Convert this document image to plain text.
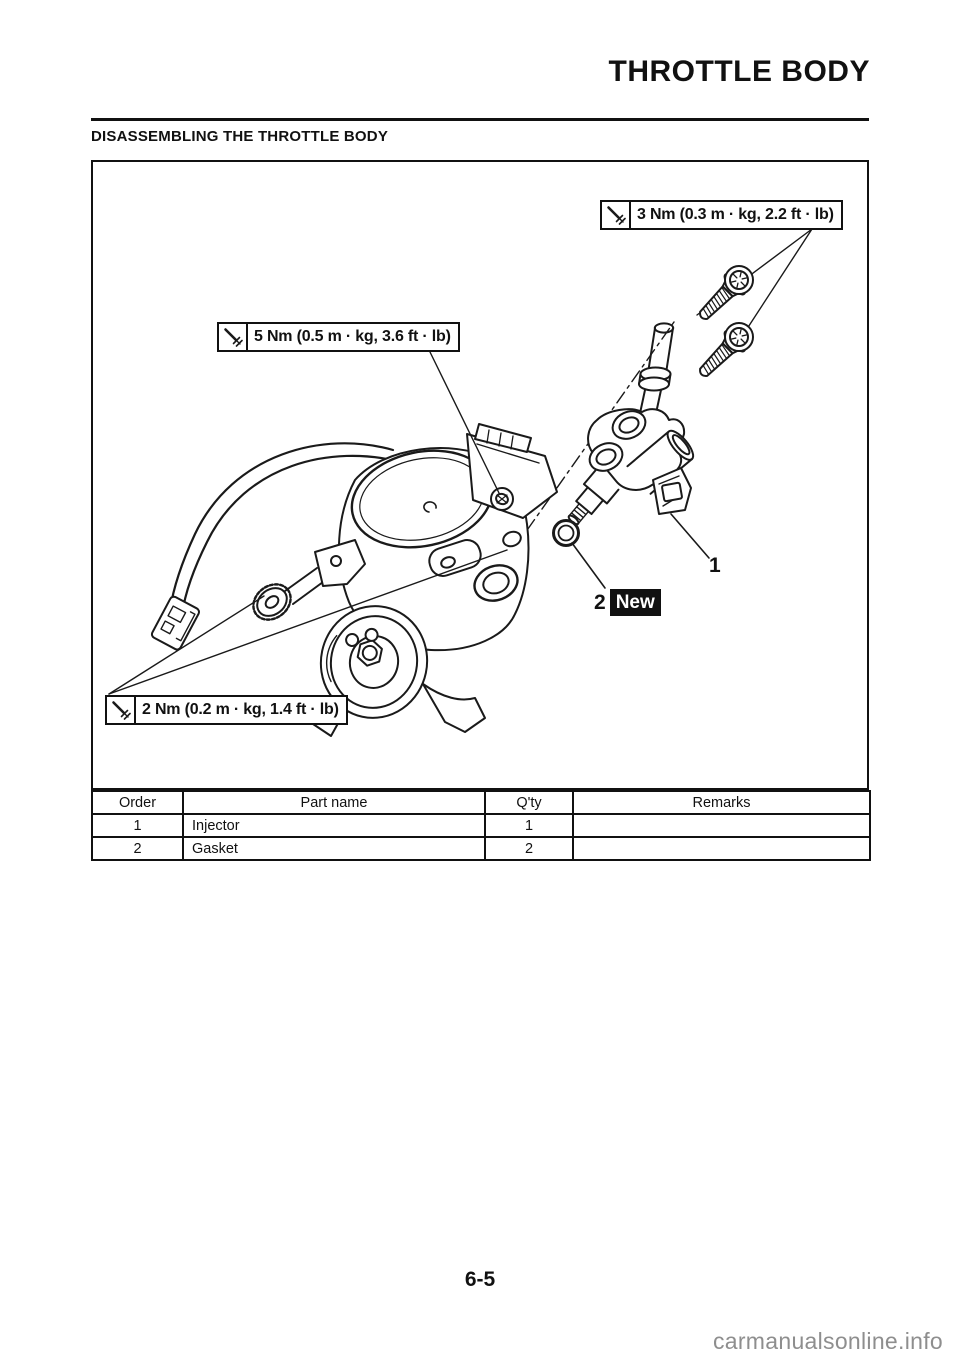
THROTTLE BODY
DISASSEMBLING THE THROTTLE BODY
3 Nm (0.3 m · kg, 2.2 ft · lb)
5 Nm (0.5 m · kg, 3.6 ft · lb)
2 Nm (0.2 m · kg, 1.4 ft · lb)
1
2 New
Order	Part name	Q'ty	Remarks
1	Injector	1	
2	Gasket	2	
6-5
carmanualsonline.info
